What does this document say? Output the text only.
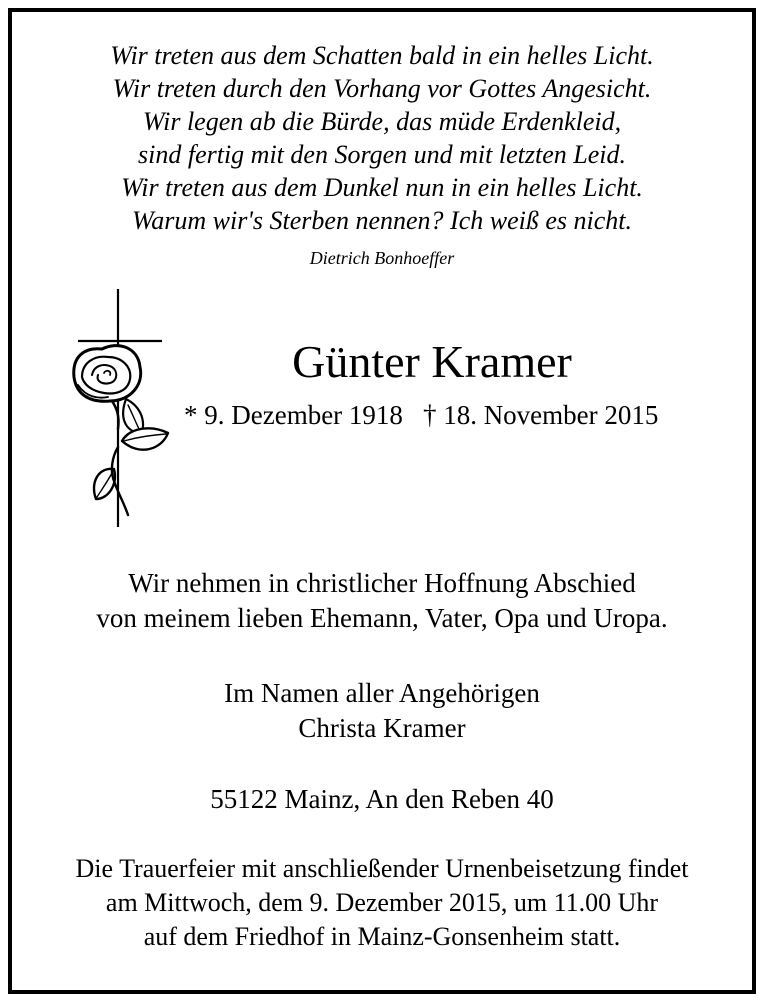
Wir treten aus dem Schatten bald in ein helles Licht.
Wir treten durch den Vorhang vor Gottes Angesicht.
Wir legen ab die Bürde, das müde Erdenkleid,
sind fertig mit den Sorgen und mit letzten Leid.
Wir treten aus dem Dunkel nun in ein helles Licht.
Warum wir's Sterben nennen? Ich weiß es nicht.
Dietrich Bonhoeffer
Günter Kramer
* 9. Dezember 1918 † 18. November 2015
Wir nehmen in christlicher Hoffnung Abschied
von meinem lieben Ehemann, Vater, Opa und Uropa.
Im Namen aller Angehörigen
Christa Kramer
55122 Mainz, An den Reben 40
Die Trauerfeier mit anschließender Urnenbeisetzung findet
am Mittwoch, dem 9. Dezember 2015, um 11.00 Uhr
auf dem Friedhof in Mainz-Gonsenheim statt.
